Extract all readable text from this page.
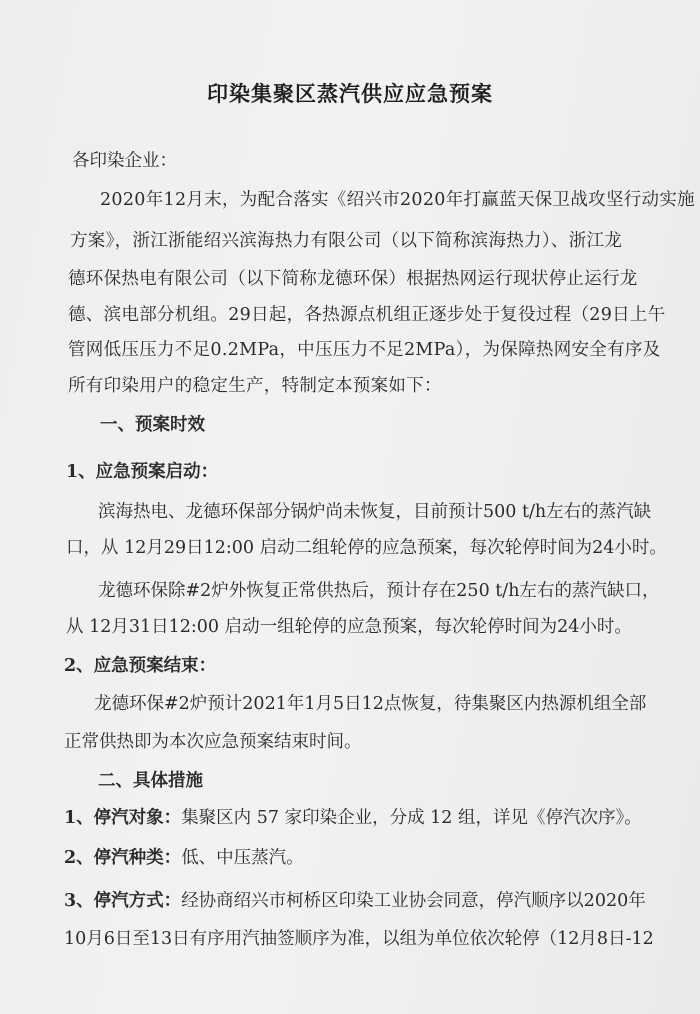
印染集聚区蒸汽供应应急预案
各印染企业：
2020年12月末，为配合落实《绍兴市2020年打赢蓝天保卫战攻坚行动实施
方案》，浙江浙能绍兴滨海热力有限公司（以下简称滨海热力）、浙江龙
德环保热电有限公司（以下简称龙德环保）根据热网运行现状停止运行龙
德、滨电部分机组。29日起，各热源点机组正逐步处于复役过程（29日上午
管网低压压力不足0.2MPa，中压压力不足2MPa），为保障热网安全有序及
所有印染用户的稳定生产，特制定本预案如下：
一、预案时效
1、应急预案启动：
滨海热电、龙德环保部分锅炉尚未恢复，目前预计500 t/h左右的蒸汽缺
口，从 12月29日12:00 启动二组轮停的应急预案，每次轮停时间为24小时。
龙德环保除#2炉外恢复正常供热后，预计存在250 t/h左右的蒸汽缺口，
从 12月31日12:00 启动一组轮停的应急预案，每次轮停时间为24小时。
2、应急预案结束：
龙德环保#2炉预计2021年1月5日12点恢复，待集聚区内热源机组全部
正常供热即为本次应急预案结束时间。
二、具体措施
1、停汽对象：集聚区内 57 家印染企业，分成 12 组，详见《停汽次序》。
2、停汽种类：低、中压蒸汽。
3、停汽方式：经协商绍兴市柯桥区印染工业协会同意，停汽顺序以2020年
10月6日至13日有序用汽抽签顺序为准，以组为单位依次轮停（12月8日-12
